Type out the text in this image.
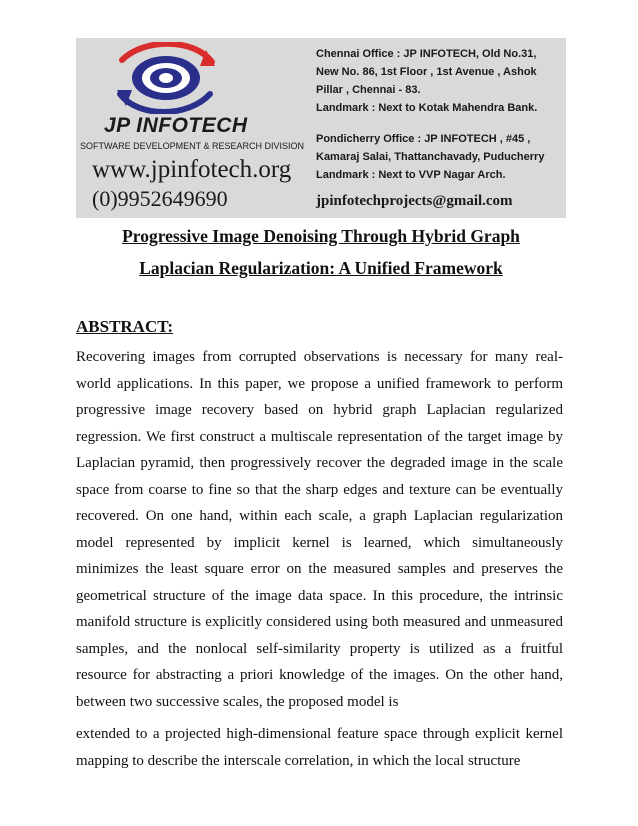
JP INFOTECH
SOFTWARE DEVELOPMENT & RESEARCH DIVISION
www.jpinfotech.org
(0)9952649690
Chennai Office : JP INFOTECH, Old No.31,
New No. 86, 1st Floor , 1st Avenue , Ashok
Pillar , Chennai - 83.
Landmark : Next to Kotak Mahendra Bank.
Pondicherry Office : JP INFOTECH , #45 ,
Kamaraj Salai, Thattanchavady, Puducherry
Landmark : Next to VVP Nagar Arch.
jpinfotechprojects@gmail.com
Progressive Image Denoising Through Hybrid Graph
Laplacian Regularization: A Unified Framework
ABSTRACT:

Recovering images from corrupted observations is necessary for many real-world applications. In this paper, we propose a unified framework to perform progressive image recovery based on hybrid graph Laplacian regularized regression. We first construct a multiscale representation of the target image by Laplacian pyramid, then progressively recover the degraded image in the scale space from coarse to fine so that the sharp edges and texture can be eventually recovered. On one hand, within each scale, a graph Laplacian regularization model represented by implicit kernel is learned, which simultaneously minimizes the least square error on the measured samples and preserves the geometrical structure of the image data space. In this procedure, the intrinsic manifold structure is explicitly considered using both measured and unmeasured samples, and the nonlocal self-similarity property is utilized as a fruitful resource for abstracting a priori knowledge of the images. On the other hand, between two successive scales, the proposed model is

extended to a projected high-dimensional feature space through explicit kernel mapping to describe the interscale correlation, in which the local structure
